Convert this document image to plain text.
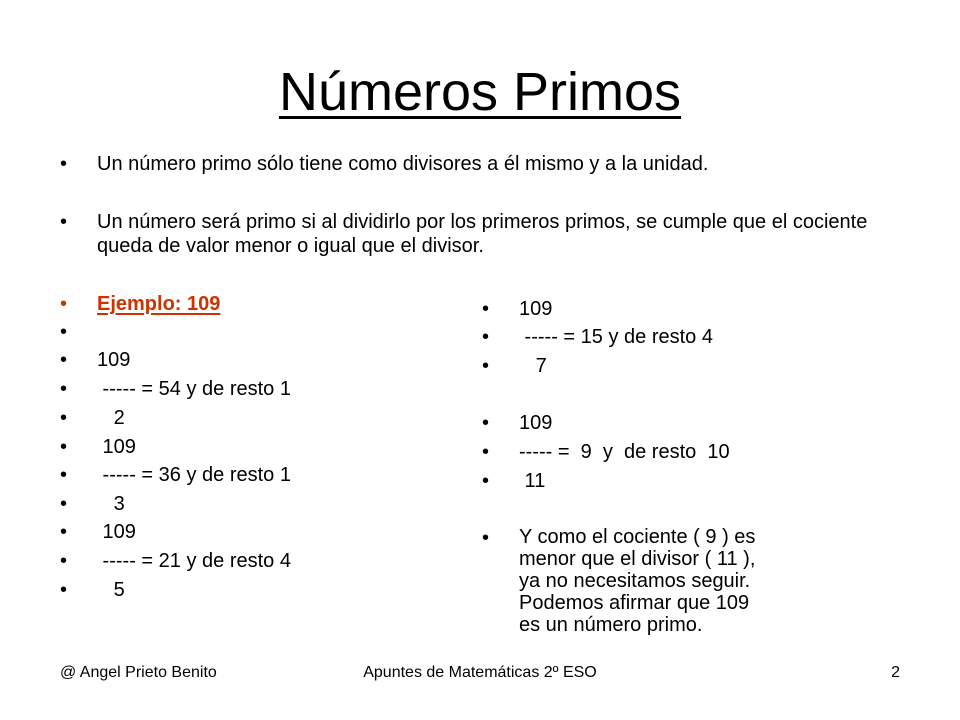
Números Primos
• Un número primo sólo tiene como divisores a él mismo y a la unidad.
• Un número será primo si al dividirlo por los primeros primos, se cumple que el cociente queda de valor menor o igual que el divisor.
• Ejemplo: 109
•
• 109
• ----- = 54 y de resto 1
• 2
• 109
• ----- = 36 y de resto 1
• 3
• 109
• ----- = 21 y de resto 4
• 5
• 109
• ----- = 15 y de resto 4
• 7
• 109
• ----- =  9  y  de resto  10
• 11
• Y como el cociente ( 9 ) es
menor que el divisor ( 11 ),
ya no necesitamos seguir.
Podemos afirmar que 109
es un número primo.
@ Angel Prieto Benito	Apuntes de Matemáticas 2º ESO	2
